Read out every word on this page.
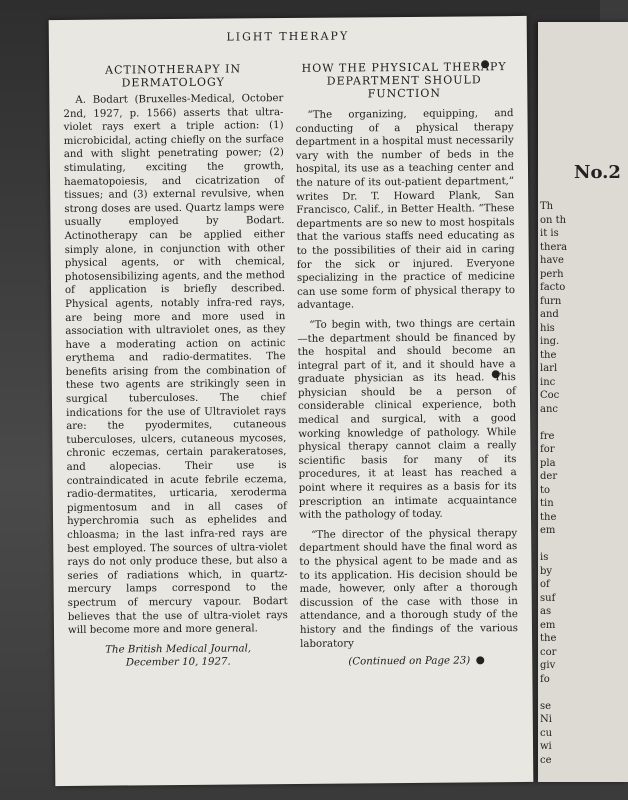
No.2
Th
on th
it is
thera
have
perh
facto
furn
and
his
ing.
the
larl
inc
Coc
anc

fre
for
pla
der
to
tin
the
em

is
by
of
suf
as
em
the
cor
giv
fo

se
Ni
cu
wi
ce
LIGHT THERAPY
ACTINOTHERAPY IN DERMATOLOGY

A. Bodart (Bruxelles-Medical, October 2nd, 1927, p. 1566) asserts that ultra-violet rays exert a triple action: (1) microbicidal, acting chiefly on the surface and with slight penetrating power; (2) stimulating, exciting the growth, haematopoiesis, and cicatrization of tissues; and (3) external revulsive, when strong doses are used. Quartz lamps were usually employed by Bodart. Actinotherapy can be applied either simply alone, in conjunction with other physical agents, or with chemical, photosensibilizing agents, and the method of application is briefly described. Physical agents, notably infra-red rays, are being more and more used in association with ultraviolet ones, as they have a moderating action on actinic erythema and radio-dermatites. The benefits arising from the combination of these two agents are strikingly seen in surgical tuberculoses. The chief indications for the use of Ultraviolet rays are: the pyodermites, cutaneous tuberculoses, ulcers, cutaneous mycoses, chronic eczemas, certain parakeratoses, and alopecias. Their use is contraindicated in acute febrile eczema, radio-dermatites, urticaria, xeroderma pigmentosum and in all cases of hyperchromia such as ephelides and chloasma; in the last infra-red rays are best employed. The sources of ultra-violet rays do not only produce these, but also a series of radiations which, in quartz-mercury lamps correspond to the spectrum of mercury vapour. Bodart believes that the use of ultra-violet rays will become more and more general.

The British Medical Journal,

December 10, 1927.

HOW THE PHYSICAL THERAPY DEPARTMENT SHOULD FUNCTION

“The organizing, equipping, and conducting of a physical therapy department in a hospital must necessarily vary with the number of beds in the hospital, its use as a teaching center and the nature of its out-patient department,” writes Dr. T. Howard Plank, San Francisco, Calif., in Better Health. “These departments are so new to most hospitals that the various staffs need educating as to the possibilities of their aid in caring for the sick or injured. Everyone specializing in the practice of medicine can use some form of physical therapy to advantage.

“To begin with, two things are certain—the department should be financed by the hospital and should become an integral part of it, and it should have a graduate physician as its head. This physician should be a person of considerable clinical experience, both medical and surgical, with a good working knowledge of pathology. While physical therapy cannot claim a really scientific basis for many of its procedures, it at least has reached a point where it requires as a basis for its prescription an intimate acquaintance with the pathology of today.

“The director of the physical therapy department should have the final word as to the physical agent to be made and as to its application. His decision should be made, however, only after a thorough discussion of the case with those in attendance, and a thorough study of the history and the findings of the various laboratory

(Continued on Page 23)
